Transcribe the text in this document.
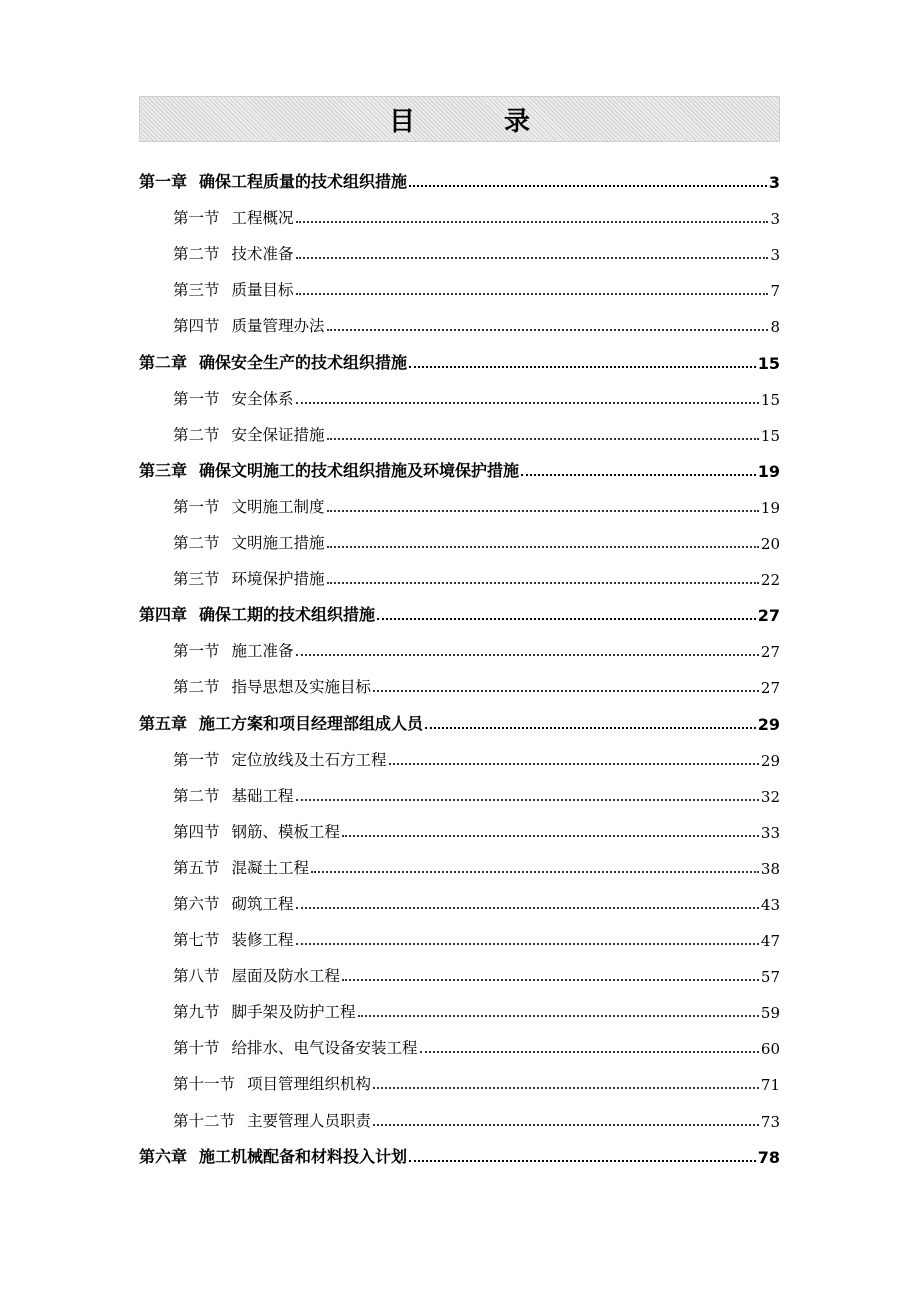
目 录
第一章 确保工程质量的技术组织措施	3
第一节 工程概况	3
第二节 技术准备	3
第三节 质量目标	7
第四节 质量管理办法	8
第二章 确保安全生产的技术组织措施	15
第一节 安全体系	15
第二节 安全保证措施	15
第三章 确保文明施工的技术组织措施及环境保护措施	19
第一节 文明施工制度	19
第二节 文明施工措施	20
第三节 环境保护措施	22
第四章 确保工期的技术组织措施	27
第一节 施工准备	27
第二节 指导思想及实施目标	27
第五章 施工方案和项目经理部组成人员	29
第一节 定位放线及土石方工程	29
第二节 基础工程	32
第四节 钢筋、模板工程	33
第五节 混凝土工程	38
第六节 砌筑工程	43
第七节 装修工程	47
第八节 屋面及防水工程	57
第九节 脚手架及防护工程	59
第十节 给排水、电气设备安装工程	60
第十一节 项目管理组织机构	71
第十二节 主要管理人员职责	73
第六章 施工机械配备和材料投入计划	78
